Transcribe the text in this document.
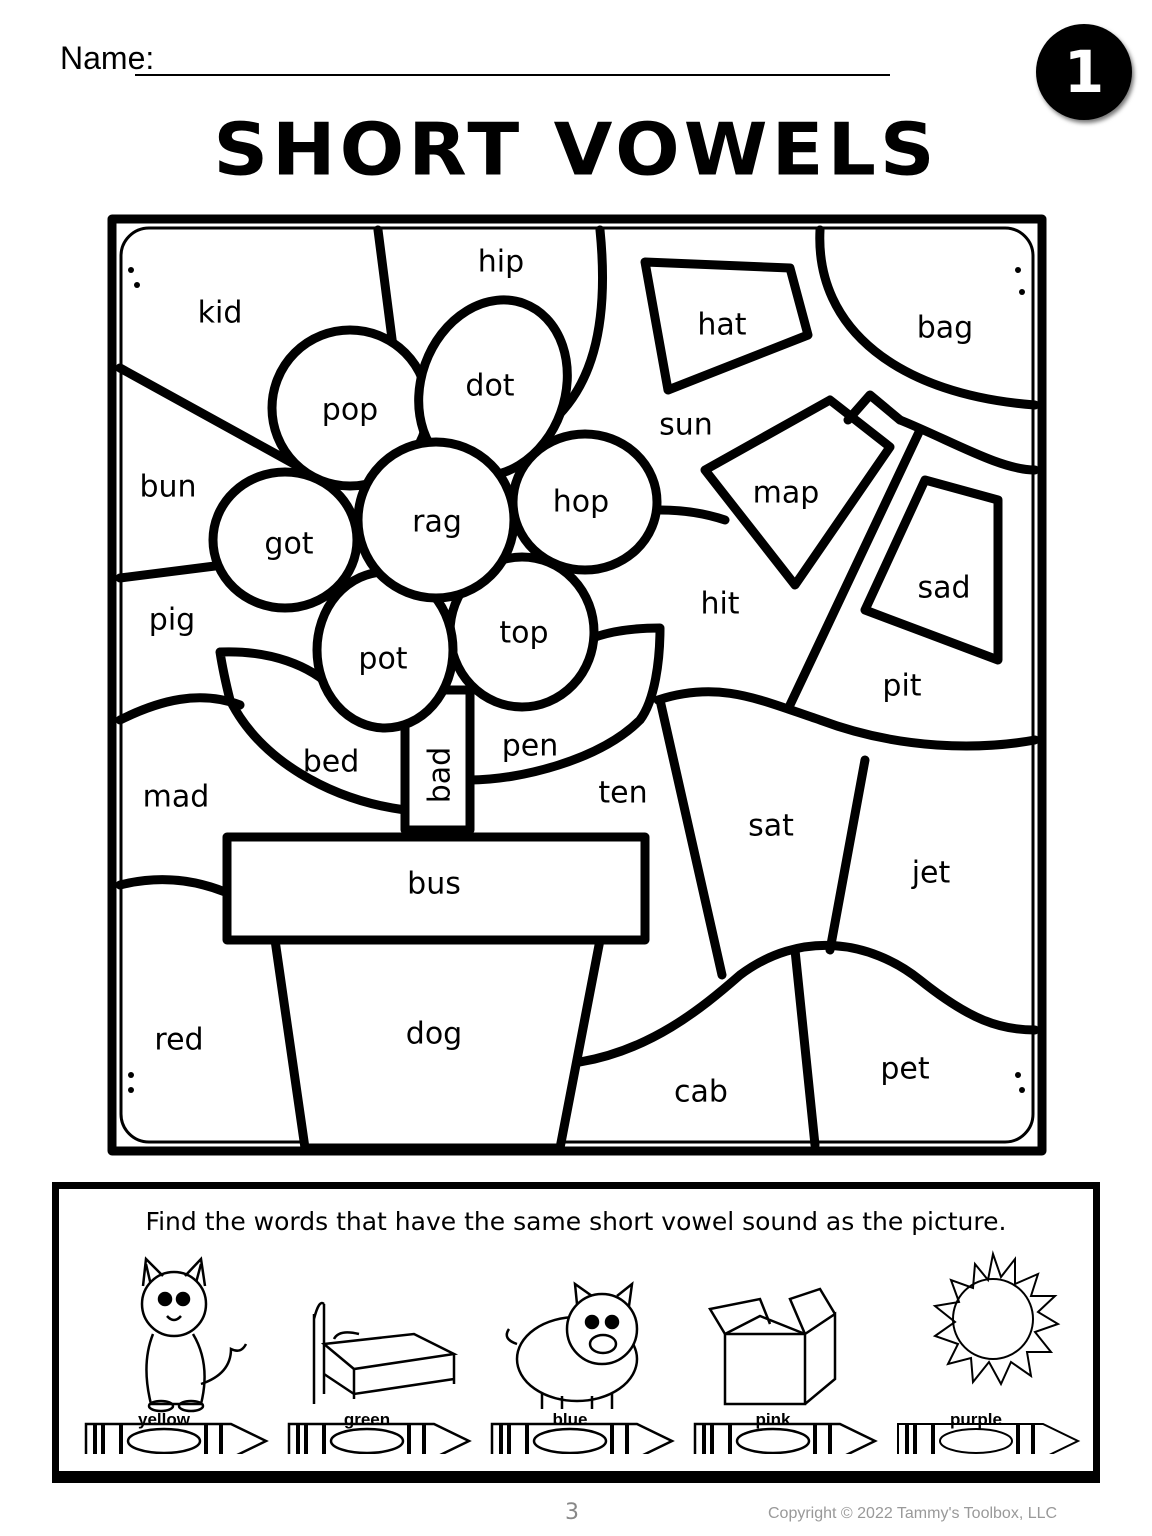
Name:	1
SHORT VOWELS
hip
kid	hat	bag
pop
dot
sun
bun
rag
hop	map
got
pig	top
pot
hit	sad
pit
bed bad
pen
mad	ten
sat
jet
bus
red	dog
cab
pet
Find the words that have the same short vowel sound as the picture.
yellow	green	blue	pink	purple
3	Copyright © 2022 Tammy's Toolbox, LLC
